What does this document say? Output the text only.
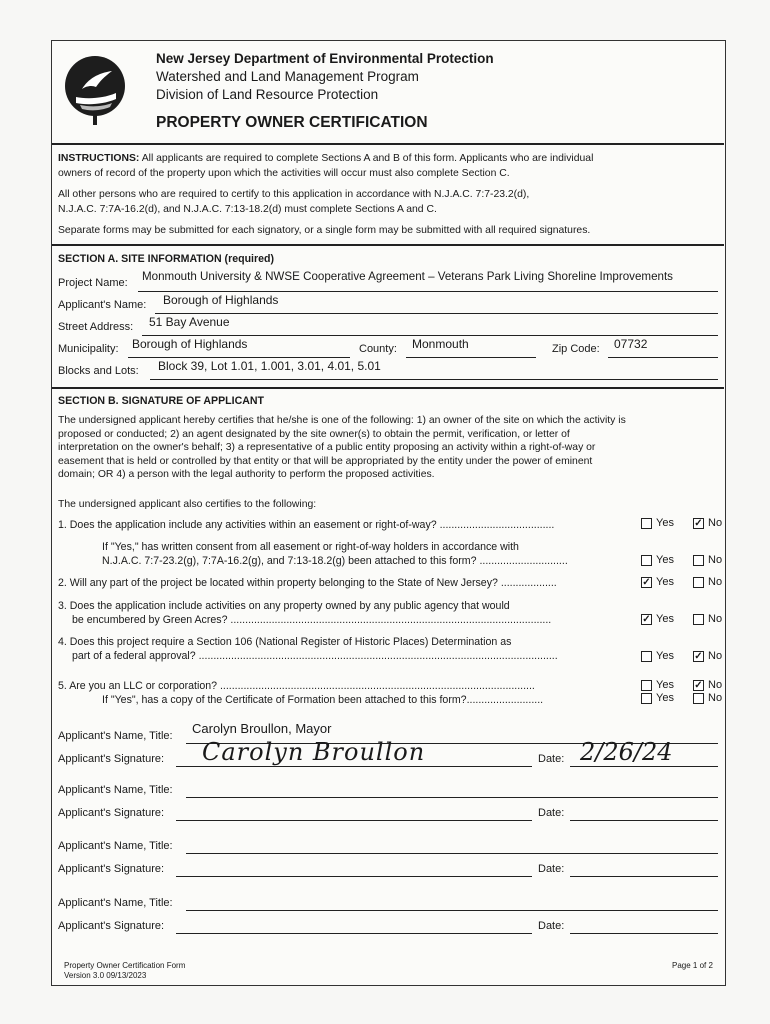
New Jersey Department of Environmental Protection
Watershed and Land Management Program
Division of Land Resource Protection
PROPERTY OWNER CERTIFICATION
INSTRUCTIONS: All applicants are required to complete Sections A and B of this form. Applicants who are individual
owners of record of the property upon which the activities will occur must also complete Section C.
All other persons who are required to certify to this application in accordance with N.J.A.C. 7:7-23.2(d),
N.J.A.C. 7:7A-16.2(d), and N.J.A.C. 7:13-18.2(d) must complete Sections A and C.
Separate forms may be submitted for each signatory, or a single form may be submitted with all required signatures.
SECTION A. SITE INFORMATION (required)
Project Name: Monmouth University & NWSE Cooperative Agreement – Veterans Park Living Shoreline Improvements
Applicant's Name: Borough of Highlands
Street Address: 51 Bay Avenue
Municipality: Borough of Highlands	County: Monmouth	Zip Code: 07732
Blocks and Lots: Block 39, Lot 1.01, 1.001, 3.01, 4.01, 5.01
SECTION B. SIGNATURE OF APPLICANT
The undersigned applicant hereby certifies that he/she is one of the following: 1) an owner of the site on which the activity is
proposed or conducted; 2) an agent designated by the site owner(s) to obtain the permit, verification, or letter of
interpretation on the owner's behalf; 3) a representative of a public entity proposing an activity within a right-of-way or
easement that is held or controlled by that entity or that will be appropriated by the entity under the power of eminent
domain; OR 4) a person with the legal authority to perform the proposed activities.
The undersigned applicant also certifies to the following:
1. Does the application include any activities within an easement or right-of-way? .......................................	Yes ✓ No
If "Yes," has written consent from all easement or right-of-way holders in accordance with
N.J.A.C. 7:7-23.2(g), 7:7A-16.2(g), and 7:13-18.2(g) been attached to this form? ..............................	Yes	No
2. Will any part of the project be located within property belonging to the State of New Jersey? ...................	✓ Yes	No
3. Does the application include activities on any property owned by any public agency that would
be encumbered by Green Acres? .............................................................................................................	✓ Yes	No
4. Does this project require a Section 106 (National Register of Historic Places) Determination as
part of a federal approval? ..........................................................................................................................	Yes ✓ No
5. Are you an LLC or corporation? ...........................................................................................................	Yes ✓ No
If "Yes", has a copy of the Certificate of Formation been attached to this form?..........................	Yes	No
Applicant's Name, Title: Carolyn Broullon, Mayor
Applicant's Signature: Carolyn Broullon	Date: 2/26/24
Applicant's Name, Title:
Applicant's Signature:	Date:
Applicant's Name, Title:
Applicant's Signature:	Date:
Applicant's Name, Title:
Applicant's Signature:	Date:
Property Owner Certification Form
Version 3.0 09/13/2023
Page 1 of 2
